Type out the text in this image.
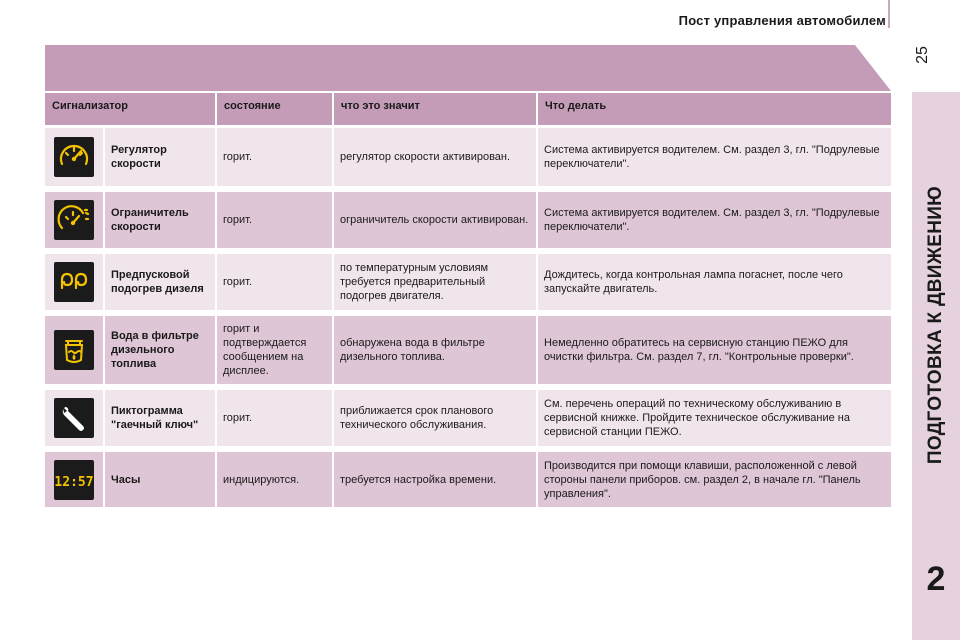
Пост управления автомобилем
25
ПОДГОТОВКА К ДВИЖЕНИЮ
2
Сигнализатор		состояние	что это значит	Что делать

	Регулятор скорости	горит.	регулятор скорости активирован.	Система активируется водителем. См. раздел 3, гл. "Подрулевые переключатели".

	Ограничитель скорости	горит.	ограничитель скорости активирован.	Система активируется водителем. См. раздел 3, гл. "Подрулевые переключатели".

	Предпусковой подогрев дизеля	горит.	по температурным условиям требуется предварительный подогрев двигателя.	Дождитесь, когда контрольная лампа погаснет, после чего запускайте двигатель.

	Вода в фильтре дизельного топлива	горит и подтверждается сообщением на дисплее.	обнаружена вода в фильтре дизельного топлива.	Немедленно обратитесь на сервисную станцию ПЕЖО для очистки фильтра. См. раздел 7, гл. "Контрольные проверки".

	Пиктограмма "гаечный ключ"	горит.	приближается срок планового технического обслуживания.	См. перечень операций по техническому обслуживанию в сервисной книжке. Пройдите техническое обслуживание на сервисной станции ПЕЖО.

12:57	Часы	индицируются.	требуется настройка времени.	Производится при помощи клавиши, расположенной с левой стороны панели приборов. см. раздел 2, в начале гл. "Панель управления".
